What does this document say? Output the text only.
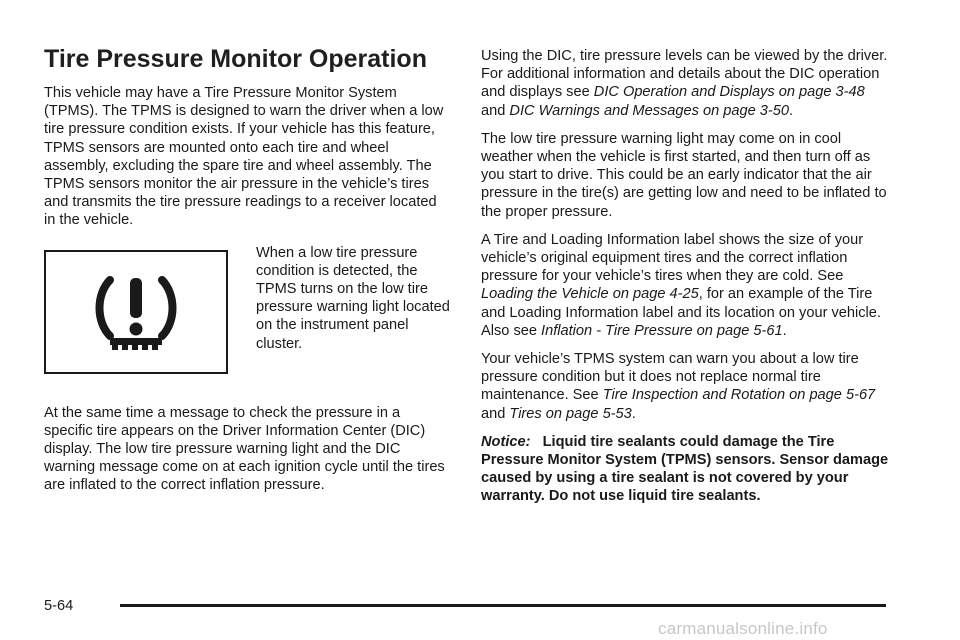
Tire Pressure Monitor Operation

This vehicle may have a Tire Pressure Monitor System (TPMS). The TPMS is designed to warn the driver when a low tire pressure condition exists. If your vehicle has this feature, TPMS sensors are mounted onto each tire and wheel assembly, excluding the spare tire and wheel assembly. The TPMS sensors monitor the air pressure in the vehicle’s tires and transmits the tire pressure readings to a receiver located in the vehicle.

When a low tire pressure condition is detected, the TPMS turns on the low tire pressure warning light located on the instrument panel cluster.

At the same time a message to check the pressure in a specific tire appears on the Driver Information Center (DIC) display. The low tire pressure warning light and the DIC warning message come on at each ignition cycle until the tires are inflated to the correct inflation pressure.

Using the DIC, tire pressure levels can be viewed by the driver. For additional information and details about the DIC operation and displays see DIC Operation and Displays on page 3-48 and DIC Warnings and Messages on page 3-50.

The low tire pressure warning light may come on in cool weather when the vehicle is first started, and then turn off as you start to drive. This could be an early indicator that the air pressure in the tire(s) are getting low and need to be inflated to the proper pressure.

A Tire and Loading Information label shows the size of your vehicle’s original equipment tires and the correct inflation pressure for your vehicle’s tires when they are cold. See Loading the Vehicle on page 4-25, for an example of the Tire and Loading Information label and its location on your vehicle. Also see Inflation - Tire Pressure on page 5-61.

Your vehicle’s TPMS system can warn you about a low tire pressure condition but it does not replace normal tire maintenance. See Tire Inspection and Rotation on page 5-67 and Tires on page 5-53.

Notice: Liquid tire sealants could damage the Tire Pressure Monitor System (TPMS) sensors. Sensor damage caused by using a tire sealant is not covered by your warranty. Do not use liquid tire sealants.

5-64
carmanualsonline.info
